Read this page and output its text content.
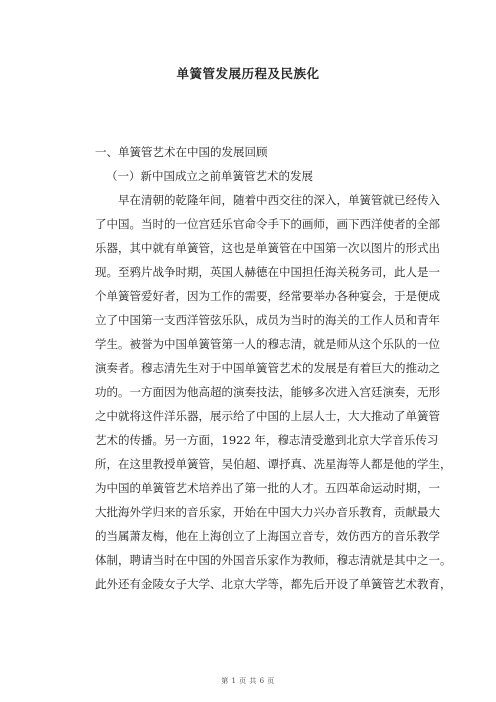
单簧管发展历程及民族化
一、单簧管艺术在中国的发展回顾
（一）新中国成立之前单簧管艺术的发展
早在清朝的乾隆年间，随着中西交往的深入，单簧管就已经传入
了中国。当时的一位宫廷乐官命令手下的画师，画下西洋使者的全部
乐器，其中就有单簧管，这也是单簧管在中国第一次以图片的形式出
现。至鸦片战争时期，英国人赫德在中国担任海关税务司，此人是一
个单簧管爱好者，因为工作的需要，经常要举办各种宴会，于是便成
立了中国第一支西洋管弦乐队，成员为当时的海关的工作人员和青年
学生。被誉为中国单簧管第一人的穆志清，就是师从这个乐队的一位
演奏者。穆志清先生对于中国单簧管艺术的发展是有着巨大的推动之
功的。一方面因为他高超的演奏技法，能够多次进入宫廷演奏，无形
之中就将这件洋乐器，展示给了中国的上层人士，大大推动了单簧管
艺术的传播。另一方面，1922 年，穆志清受邀到北京大学音乐传习
所，在这里教授单簧管，吴伯超、谭抒真、冼星海等人都是他的学生，
为中国的单簧管艺术培养出了第一批的人才。五四革命运动时期，一
大批海外学归来的音乐家，开始在中国大力兴办音乐教育，贡献最大
的当属萧友梅，他在上海创立了上海国立音专，效仿西方的音乐教学
体制，聘请当时在中国的外国音乐家作为教师，穆志清就是其中之一。
此外还有金陵女子大学、北京大学等，都先后开设了单簧管艺术教育，
第 1 页 共 6 页
